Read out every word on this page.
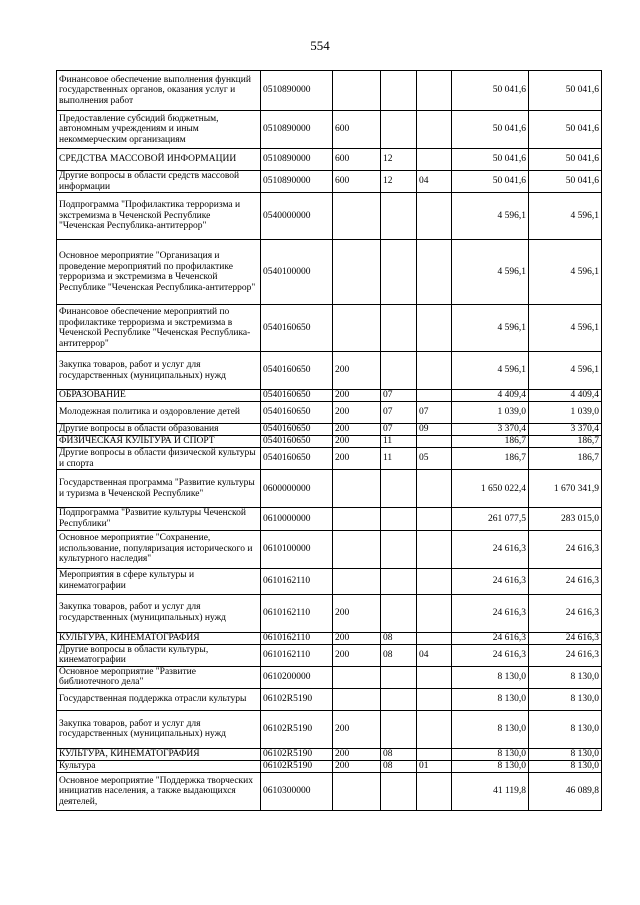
554
Финансовое обеспечение выполнения функций государственных органов, оказания услуг и выполнения работ	0510890000				50 041,6	50 041,6
Предоставление субсидий бюджетным, автономным учреждениям и иным некоммерческим организациям	0510890000	600			50 041,6	50 041,6
СРЕДСТВА МАССОВОЙ ИНФОРМАЦИИ	0510890000	600	12		50 041,6	50 041,6
Другие вопросы в области средств массовой информации	0510890000	600	12	04	50 041,6	50 041,6
Подпрограмма "Профилактика терроризма и экстремизма в Чеченской Республике "Чеченская Республика-антитеррор"	0540000000				4 596,1	4 596,1
Основное мероприятие "Организация и проведение мероприятий по профилактике терроризма и экстремизма в Чеченской Республике "Чеченская Республика-антитеррор"	0540100000				4 596,1	4 596,1
Финансовое обеспечение мероприятий по профилактике терроризма и экстремизма в Чеченской Республике "Чеченская Республика-антитеррор"	0540160650				4 596,1	4 596,1
Закупка товаров, работ и услуг для государственных (муниципальных) нужд	0540160650	200			4 596,1	4 596,1
ОБРАЗОВАНИЕ	0540160650	200	07		4 409,4	4 409,4
Молодежная политика и оздоровление детей	0540160650	200	07	07	1 039,0	1 039,0
Другие вопросы в области образования	0540160650	200	07	09	3 370,4	3 370,4
ФИЗИЧЕСКАЯ КУЛЬТУРА И СПОРТ	0540160650	200	11		186,7	186,7
Другие вопросы в области физической культуры и спорта	0540160650	200	11	05	186,7	186,7
Государственная программа "Развитие культуры и туризма в Чеченской Республике"	0600000000				1 650 022,4	1 670 341,9
Подпрограмма "Развитие культуры Чеченской Республики"	0610000000				261 077,5	283 015,0
Основное мероприятие "Сохранение, использование, популяризация исторического и культурного наследия"	0610100000				24 616,3	24 616,3
Мероприятия в сфере культуры и кинематографии	0610162110				24 616,3	24 616,3
Закупка товаров, работ и услуг для государственных (муниципальных) нужд	0610162110	200			24 616,3	24 616,3
КУЛЬТУРА, КИНЕМАТОГРАФИЯ	0610162110	200	08		24 616,3	24 616,3
Другие вопросы в области культуры, кинематографии	0610162110	200	08	04	24 616,3	24 616,3
Основное мероприятие "Развитие библиотечного дела"	0610200000				8 130,0	8 130,0
Государственная поддержка отрасли культуры	06102R5190				8 130,0	8 130,0
Закупка товаров, работ и услуг для государственных (муниципальных) нужд	06102R5190	200			8 130,0	8 130,0
КУЛЬТУРА, КИНЕМАТОГРАФИЯ	06102R5190	200	08		8 130,0	8 130,0
Культура	06102R5190	200	08	01	8 130,0	8 130,0
Основное мероприятие "Поддержка творческих инициатив населения, а также выдающихся деятелей,	0610300000				41 119,8	46 089,8
